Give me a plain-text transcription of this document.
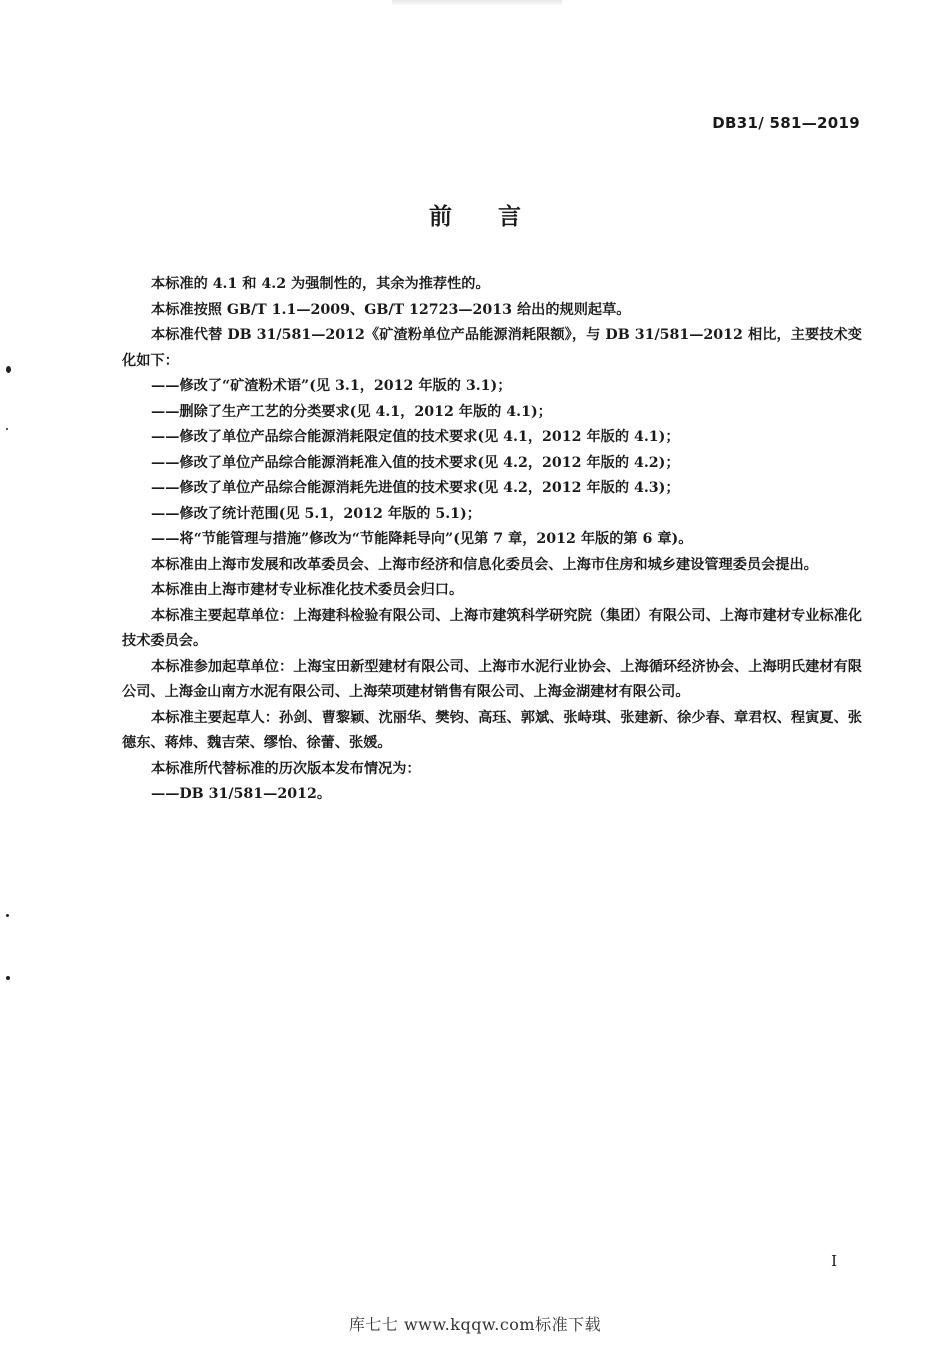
DB31/ 581—2019
前言

本标准的 4.1 和 4.2 为强制性的，其余为推荐性的。

本标准按照 GB/T 1.1—2009、GB/T 12723—2013 给出的规则起草。

本标准代替 DB 31/581—2012《矿渣粉单位产品能源消耗限额》，与 DB 31/581—2012 相比，主要技术变化如下：

——修改了“矿渣粉术语”(见 3.1，2012 年版的 3.1)；
——删除了生产工艺的分类要求(见 4.1，2012 年版的 4.1)；
——修改了单位产品综合能源消耗限定值的技术要求(见 4.1，2012 年版的 4.1)；
——修改了单位产品综合能源消耗准入值的技术要求(见 4.2，2012 年版的 4.2)；
——修改了单位产品综合能源消耗先进值的技术要求(见 4.2，2012 年版的 4.3)；
——修改了统计范围(见 5.1，2012 年版的 5.1)；
——将“节能管理与措施”修改为“节能降耗导向”(见第 7 章，2012 年版的第 6 章)。

本标准由上海市发展和改革委员会、上海市经济和信息化委员会、上海市住房和城乡建设管理委员会提出。

本标准由上海市建材专业标准化技术委员会归口。

本标准主要起草单位：上海建科检验有限公司、上海市建筑科学研究院（集团）有限公司、上海市建材专业标准化技术委员会。

本标准参加起草单位：上海宝田新型建材有限公司、上海市水泥行业协会、上海循环经济协会、上海明氏建材有限公司、上海金山南方水泥有限公司、上海荣项建材销售有限公司、上海金湖建材有限公司。

本标准主要起草人：孙剑、曹黎颖、沈丽华、樊钧、高珏、郭斌、张峙琪、张建新、徐少春、章君权、程寅夏、张德东、蒋炜、魏吉荣、缪怡、徐蕾、张媛。

本标准所代替标准的历次版本发布情况为：

——DB 31/581—2012。
I
库七七 www.kqqw.com标准下载
